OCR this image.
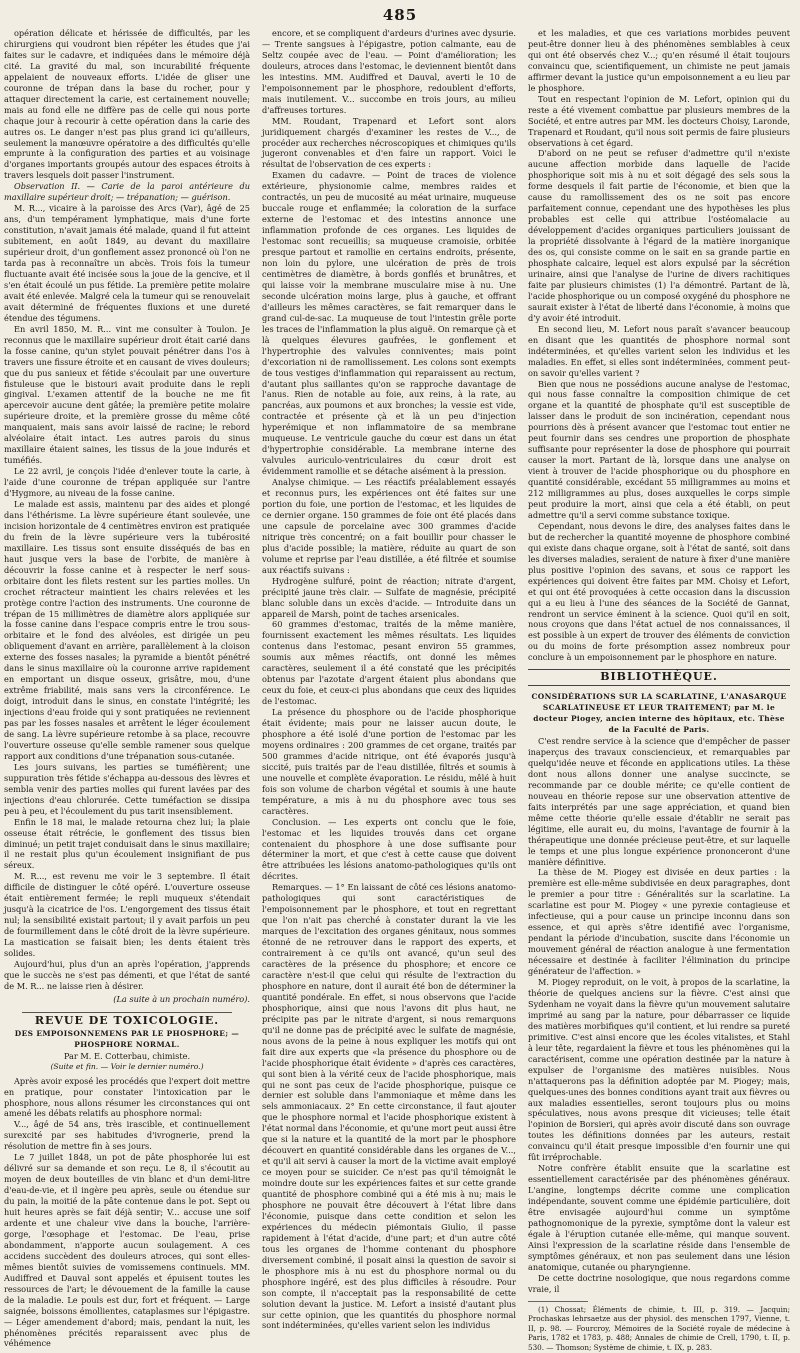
485

opération délicate et hérissée de difficultés, par les chirurgiens qui voudront bien répéter les études que j'ai faites sur le cadavre, et indiquées dans le mémoire déjà cité. La gravité du mal, son incurabilité fréquente appelaient de nouveaux efforts. L'idée de gliser une couronne de trépan dans la base du rocher, pour y attaquer directement la carie, est certainement nouvelle; mais au fond elle ne diffère pas de celle qui nous porte chaque jour à recourir à cette opération dans la carie des autres os. Le danger n'est pas plus grand ici qu'ailleurs, seulement la manœuvre opératoire a des difficultés qu'elle emprunte à la configuration des parties et au voisinage d'organes importants groupés autour des espaces étroits à travers lesquels doit passer l'instrument.

Observation II. — Carie de la paroi antérieure du maxillaire supérieur droit; — trépanation; — guérison.

M. R..., vicaire à la paroisse des Arcs (Var), âgé de 25 ans, d'un tempérament lymphatique, mais d'une forte constitution, n'avait jamais été malade, quand il fut atteint subitement, en août 1849, au devant du maxillaire supérieur droit, d'un gonflement assez prononcé où l'on ne tarda pas à reconnaître un abcès. Trois fois la tumeur fluctuante avait été incisée sous la joue de la gencive, et il s'en était écoulé un pus fétide. La première petite molaire avait été enlevée. Malgré cela la tumeur qui se renouvelait avait déterminé de fréquentes fluxions et une dureté étendue des tégumens.

En avril 1850, M. R... vint me consulter à Toulon. Je reconnus que le maxillaire supérieur droit était carié dans la fosse canine, qu'un stylet pouvait pénétrer dans l'os à travers une fissure étroite et en causant de vives douleurs; que du pus sanieux et fétide s'écoulait par une ouverture fistuleuse que le bistouri avait produite dans le repli gingival. L'examen attentif de la bouche ne me fit apercevoir aucune dent gâtée; la première petite molaire supérieure droite, et la première grosse du même côté manquaient, mais sans avoir laissé de racine; le rebord alvéolaire était intact. Les autres parois du sinus maxillaire étaient saines, les tissus de la joue indurés et tuméfiés.

Le 22 avril, je conçois l'idée d'enlever toute la carie, à l'aide d'une couronne de trépan appliquée sur l'antre d'Hygmore, au niveau de la fosse canine.

Le malade est assis, maintenu par des aides et plongé dans l'éthérisme. La lèvre supérieure étant soulevée, une incision horizontale de 4 centimètres environ est pratiquée du frein de la lèvre supérieure vers la tubérosité maxillaire. Les tissus sont ensuite disséqués de bas en haut jusque vers la base de l'orbite, de manière à découvrir la fosse canine et à respecter le nerf sous-orbitaire dont les filets restent sur les parties molles. Un crochet rétracteur maintient les chairs relevées et les protège contre l'action des instruments. Une couronne de trépan de 15 millimètres de diamètre alors appliquée sur la fosse canine dans l'espace compris entre le trou sous-orbitaire et le fond des alvéoles, est dirigée un peu obliquement d'avant en arrière, parallèlement à la cloison externe des fosses nasales; la pyramide a bientôt pénétré dans le sinus maxillaire où la couronne arrive rapidement en emportant un disque osseux, grisâtre, mou, d'une extrême friabilité, mais sans vers la circonférence. Le doigt, introduit dans le sinus, en constate l'intégrité; les injections d'eau froide qui y sont pratiquées ne reviennent pas par les fosses nasales et arrêtent le léger écoulement de sang. La lèvre supérieure retombe à sa place, recouvre l'ouverture osseuse qu'elle semble ramener sous quelque rapport aux conditions d'une trépanation sous-cutanée.

Les jours suivans, les parties se tuméfièrent; une suppuration très fétide s'échappa au-dessous des lèvres et sembla venir des parties molles qui furent lavées par des injections d'eau chlorurée. Cette tuméfaction se dissipa peu à peu, et l'écoulement du pus tarit insensiblement.

Enfin le 18 mai, le malade retourna chez lui; la plaie osseuse était rétrécie, le gonflement des tissus bien diminué; un petit trajet conduisait dans le sinus maxillaire; il ne restait plus qu'un écoulement insignifiant de pus séreux.

M. R..., est revenu me voir le 3 septembre. Il était difficile de distinguer le côté opéré. L'ouverture osseuse était entièrement fermée; le repli muqueux s'étendait jusqu'à la cicatrice de l'os. L'engorgement des tissus était nul; la sensibilité existait partout; il y avait parfois un peu de fourmillement dans le côté droit de la lèvre supérieure. La mastication se faisait bien; les dents étaient très solides.

Aujourd'hui, plus d'un an après l'opération, j'apprends que le succès ne s'est pas démenti, et que l'état de santé de M. R... ne laisse rien à désirer.

(La suite à un prochain numéro).

REVUE DE TOXICOLOGIE.

DES EMPOISONNEMENS PAR LE PHOSPHORE; — PHOSPHORE NORMAL.

Par M. E. Cotterbau, chimiste.

(Suite et fin. — Voir le dernier numéro.)

Après avoir exposé les procédés que l'expert doit mettre en pratique, pour constater l'intoxication par le phosphore, nous allons résumer les circonstances qui ont amené les débats relatifs au phosphore normal:

V..., âgé de 54 ans, très irascible, et continuellement surexcité par ses habitudes d'ivrognerie, prend la résolution de mettre fin à ses jours.

Le 7 juillet 1848, un pot de pâte phosphorée lui est délivré sur sa demande et son reçu. Le 8, il s'écoutit au moyen de deux bouteilles de vin blanc et d'un demi-litre d'eau-de-vie, et il ingère peu après, seule ou étendue sur du pain, la moitié de la pâte contenue dans le pot. Sept ou huit heures après se fait déjà sentir; V... accuse une soif ardente et une chaleur vive dans la bouche, l'arrière-gorge, l'œsophage et l'estomac. De l'eau, prise abondamment, n'apporte aucun soulagement. A ces accidens succèdent des douleurs atroces, qui sont elles-mêmes bientôt suivies de vomissemens continuels. MM. Audiffred et Dauval sont appelés et épuisent toutes les ressources de l'art; le dévouement de la famille la cause de la maladie. Le pouls est dur, fort et fréquent. — Large saignée, boissons émollientes, cataplasmes sur l'épigastre. — Léger amendement d'abord; mais, pendant la nuit, les phénomènes précités reparaissent avec plus de véhémence

encore, et se compliquent d'ardeurs d'urines avec dysurie. — Trente sangsues à l'épigastre, potion calmante, eau de Seltz coupée avec de l'eau. — Point d'amélioration; les douleurs, atroces dans l'estomac, le deviennent bientôt dans les intestins. MM. Audiffred et Dauval, averti le 10 de l'empoisonnement par le phosphore, redoublent d'efforts, mais inutilement. V... succombe en trois jours, au milieu d'affreuses tortures.

MM. Roudant, Trapenard et Lefort sont alors juridiquement chargés d'examiner les restes de V..., de procéder aux recherches nécroscopiques et chimiques qu'ils jugeront convenables et d'en faire un rapport. Voici le résultat de l'observation de ces experts :

Examen du cadavre. — Point de traces de violence extérieure, physionomie calme, membres raides et contractés, un peu de mucosité au méat urinaire, muqueuse buccale rouge et enflammée; la coloration de la surface externe de l'estomac et des intestins annonce une inflammation profonde de ces organes. Les liquides de l'estomac sont recueillis; sa muqueuse cramoisie, orbitée presque partout et ramollie en certains endroits, présente, non loin du pylore, une ulcération de près de trois centimètres de diamètre, à bords gonflés et brunâtres, et qui laisse voir la membrane musculaire mise à nu. Une seconde ulcération moins large, plus à gauche, et offrant d'ailleurs les mêmes caractères, se fait remarquer dans le grand cul-de-sac. La muqueuse de tout l'intestin grêle porte les traces de l'inflammation la plus aiguë. On remarque çà et là quelques élevures gaufrées, le gonflement et l'hypertrophie des valvules conniventes; mais point d'excoriation ni de ramollissement. Les colons sont exempts de tous vestiges d'inflammation qui reparaissent au rectum, d'autant plus saillantes qu'on se rapproche davantage de l'anus. Rien de notable au foie, aux reins, à la rate, au pancréas, aux poumons et aux bronches; la vessie est vide, contractée et présente çà et là un peu d'injection hyperémique et non inflammatoire de sa membrane muqueuse. Le ventricule gauche du cœur est dans un état d'hypertrophie considérable. La membrane interne des valvules auriculo-ventriculaires du cœur droit est évidemment ramollie et se détache aisément à la pression.

Analyse chimique. — Les réactifs préalablement essayés et reconnus purs, les expériences ont été faites sur une portion du foie, une portion de l'estomac, et les liquides de ce dernier organe. 150 grammes de foie ont été placés dans une capsule de porcelaine avec 300 grammes d'acide nitrique très concentré; on a fait bouillir pour chasser le plus d'acide possible; la matière, réduite au quart de son volume et reprise par l'eau distillée, a été filtrée et soumise aux réactifs suivans :

Hydrogène sulfuré, point de réaction; nitrate d'argent, précipité jaune très clair. — Sulfate de magnésie, précipité blanc soluble dans un excès d'acide. — Introduite dans un appareil de Marsh, point de taches arsenicales.

60 grammes d'estomac, traités de la même manière, fournissent exactement les mêmes résultats. Les liquides contenus dans l'estomac, pesant environ 55 grammes, soumis aux mêmes réactifs, ont donné les mêmes caractères, seulement il a été constaté que les précipités obtenus par l'azotate d'argent étaient plus abondans que ceux du foie, et ceux-ci plus abondans que ceux des liquides de l'estomac.

La présence du phosphore ou de l'acide phosphorique était évidente; mais pour ne laisser aucun doute, le phosphore a été isolé d'une portion de l'estomac par les moyens ordinaires : 200 grammes de cet organe, traités par 500 grammes d'acide nitrique, ont été évaporés jusqu'à siccité, puis traités par de l'eau distillée, filtrés et soumis à une nouvelle et complète évaporation. Le résidu, mêlé à huit fois son volume de charbon végétal et soumis à une haute température, a mis à nu du phosphore avec tous ses caractères.

Conclusion. — Les experts ont conclu que le foie, l'estomac et les liquides trouvés dans cet organe contenaient du phosphore à une dose suffisante pour déterminer la mort, et que c'est à cette cause que doivent être attribuées les lésions anatomo-pathologiques qu'ils ont décrites.

Remarques. — 1° En laissant de côté ces lésions anatomo-pathologiques qui sont caractéristiques de l'empoisonnement par le phosphore, et tout en regrettant que l'on n'ait pas cherché à constater durant la vie les marques de l'excitation des organes génitaux, nous sommes étonné de ne retrouver dans le rapport des experts, et contrairement à ce qu'ils ont avancé, qu'un seul des caractères de la présence du phosphore; et encore ce caractère n'est-il que celui qui résulte de l'extraction du phosphore en nature, dont il aurait été bon de déterminer la quantité pondérale. En effet, si nous observons que l'acide phosphorique, ainsi que nous l'avons dit plus haut, ne précipite pas par le nitrate d'argent, si nous remarquons qu'il ne donne pas de précipité avec le sulfate de magnésie, nous avons de la peine à nous expliquer les motifs qui ont fait dire aux experts que «la présence du phosphore ou de l'acide phosphorique était évidente » d'après ces caractères, qui sont bien à la vérité ceux de l'acide phosphorique, mais qui ne sont pas ceux de l'acide phosphorique, puisque ce dernier est soluble dans l'ammoniaque et même dans les sels ammoniacaux. 2° En cette circonstance, il faut ajouter que le phosphore normal et l'acide phosphorique existent à l'état normal dans l'économie, et qu'une mort peut aussi être que si la nature et la quantité de la mort par le phosphore découvert en quantité considérable dans les organes de V..., et qu'il ait servi à causer la mort de la victime avait employé ce moyen pour se suicider. Ce n'est pas qu'il témoignât le moindre doute sur les expériences faites et sur cette grande quantité de phosphore combiné qui a été mis à nu; mais le phosphore ne pouvait être découvert à l'état libre dans l'économie, puisque dans cette condition et selon les expériences du médecin piémontais Giulio, il passe rapidement à l'état d'acide, d'une part; et d'un autre côté tous les organes de l'homme contenant du phosphore diversement combiné, il posait ainsi la question de savoir si le phosphore mis à nu est du phosphore normal ou du phosphore ingéré, est des plus difficiles à résoudre. Pour son compte, il n'acceptait pas la responsabilité de cette solution devant la justice. M. Lefort a insisté d'autant plus sur cette opinion, que les quantités du phosphore normal sont indéterminées, qu'elles varient selon les individus

et les maladies, et que ces variations morbides peuvent peut-être donner lieu à des phénomènes semblables à ceux qui ont été observés chez V...; qu'en résumé il était toujours convaincu que, scientifiquement, un chimiste ne peut jamais affirmer devant la justice qu'un empoisonnement a eu lieu par le phosphore.

Tout en respectant l'opinion de M. Lefort, opinion qui du reste a été vivement combattue par plusieurs membres de la Société, et entre autres par MM. les docteurs Choisy, Laronde, Trapenard et Roudant, qu'il nous soit permis de faire plusieurs observations à cet égard.

D'abord on ne peut se refuser d'admettre qu'il n'existe aucune affection morbide dans laquelle de l'acide phosphorique soit mis à nu et soit dégagé des sels sous la forme desquels il fait partie de l'économie, et bien que la cause du ramollissement des os ne soit pas encore parfaitement connue, cependant une des hypothèses les plus probables est celle qui attribue l'ostéomalacie au développement d'acides organiques particuliers jouissant de la propriété dissolvante à l'égard de la matière inorganique des os, qui consiste comme on le sait en sa grande partie en phosphate calcaire, lequel est alors expulsé par la sécrétion urinaire, ainsi que l'analyse de l'urine de divers rachitiques faite par plusieurs chimistes (1) l'a démontré. Partant de là, l'acide phosphorique ou un composé oxygéné du phosphore ne saurait exister à l'état de liberté dans l'économie, à moins que d'y avoir été introduit.

En second lieu, M. Lefort nous paraît s'avancer beaucoup en disant que les quantités de phosphore normal sont indéterminées, et qu'elles varient selon les individus et les maladies. En effet, si elles sont indéterminées, comment peut-on savoir qu'elles varient ?

Bien que nous ne possédions aucune analyse de l'estomac, qui nous fasse connaître la composition chimique de cet organe et la quantité de phosphate qu'il est susceptible de laisser dans le produit de son incinération, cependant nous pourrions dès à présent avancer que l'estomac tout entier ne peut fournir dans ses cendres une proportion de phosphate suffisante pour représenter la dose de phosphore qui pourrait causer la mort. Partant de là, lorsque dans une analyse on vient à trouver de l'acide phosphorique ou du phosphore en quantité considérable, excédant 55 milligrammes au moins et 212 milligrammes au plus, doses auxquelles le corps simple peut produire la mort, ainsi que cela a été établi, on peut admettre qu'il a servi comme substance toxique.

Cependant, nous devons le dire, des analyses faites dans le but de rechercher la quantité moyenne de phosphore combiné qui existe dans chaque organe, soit à l'état de santé, soit dans les diverses maladies, seraient de nature à fixer d'une manière plus positive l'opinion des savans, et sous ce rapport les expériences qui doivent être faites par MM. Choisy et Lefort, et qui ont été provoquées à cette occasion dans la discussion qui a eu lieu à l'une des séances de la Société de Gannat, rendront un service éminent à la science. Quoi qu'il en soit, nous croyons que dans l'état actuel de nos connaissances, il est possible à un expert de trouver des éléments de conviction ou du moins de forte présomption assez nombreux pour conclure à un empoisonnement par le phosphore en nature.

BIBLIOTHÈQUE.

CONSIDÉRATIONS SUR LA SCARLATINE, L'ANASARQUE SCARLATINEUSE ET LEUR TRAITEMENT; par M. le docteur Piogey, ancien interne des hôpitaux, etc. Thèse de la Faculté de Paris.

C'est rendre service à la science que d'empêcher de passer inaperçus des travaux consciencieux, et remarquables par quelqu'idée neuve et féconde en applications utiles. La thèse dont nous allons donner une analyse succincte, se recommande par ce double mérite; ce qu'elle contient de nouveau en théorie repose sur une observation attentive de faits interprétés par une sage appréciation, et quand bien même cette théorie qu'elle essaie d'établir ne serait pas légitime, elle aurait eu, du moins, l'avantage de fournir à la thérapeutique une donnée précieuse peut-être, et sur laquelle le temps et une plus longue expérience prononceront d'une manière définitive.

La thèse de M. Piogey est divisée en deux parties : la première est elle-même subdivisée en deux paragraphes, dont le premier a pour titre : Généralités sur la scarlatine. La scarlatine est pour M. Piogey « une pyrexie contagieuse et infectieuse, qui a pour cause un principe inconnu dans son essence, et qui après s'être identifié avec l'organisme, pendant la période d'incubation, suscite dans l'économie un mouvement général de réaction analogue à une fermentation nécessaire et destinée à faciliter l'élimination du principe générateur de l'affection. »

M. Piogey reproduit, on le voit, à propos de la scarlatine, la théorie de quelques anciens sur la fièvre. C'est ainsi que Sydenham ne voyait dans la fièvre qu'un mouvement salutaire imprimé au sang par la nature, pour débarrasser ce liquide des matières morbifiques qu'il contient, et lui rendre sa pureté primitive. C'est ainsi encore que les écoles vitalistes, et Stahl à leur tête, regardaient la fièvre et tous les phénomènes qui la caractérisent, comme une opération destinée par la nature à expulser de l'organisme des matières nuisibles. Nous n'attaquerons pas la définition adoptée par M. Piogey; mais, quelques-unes des bonnes conditions ayant trait aux fièvres ou aux maladies essentielles, seront toujours plus ou moins spéculatives, nous avons presque dit vicieuses; telle était l'opinion de Borsieri, qui après avoir discuté dans son ouvrage toutes les définitions données par les auteurs, restait convaincu qu'il était presque impossible d'en fournir une qui fût irréprochable.

Notre confrère établit ensuite que la scarlatine est essentiellement caractérisée par des phénomènes généraux. L'angine, longtemps décrite comme une complication indépendante, souvent comme une épidémie particulière, doit être envisagée aujourd'hui comme un symptôme pathognomonique de la pyrexie, symptôme dont la valeur est égale à l'éruption cutanée elle-même, qui manque souvent. Ainsi l'expression de la scarlatine réside dans l'ensemble de symptômes généraux, et non pas seulement dans une lésion anatomique, cutanée ou pharyngienne.

De cette doctrine nosologique, que nous regardons comme vraie, il

(1) Chossat; Éléments de chimie, t. III, p. 319. — Jacquin; Prochaskas lehrsaetze aus der physiol. des menschen 1797, Vienne, t. II, p. 98. — Fourcroy, Mémoires de la Société royale de médecine à Paris, 1782 et 1783, p. 488; Annales de chimie de Crell, 1790, t. II, p. 530. — Thomson; Système de chimie, t. IX, p. 283.
